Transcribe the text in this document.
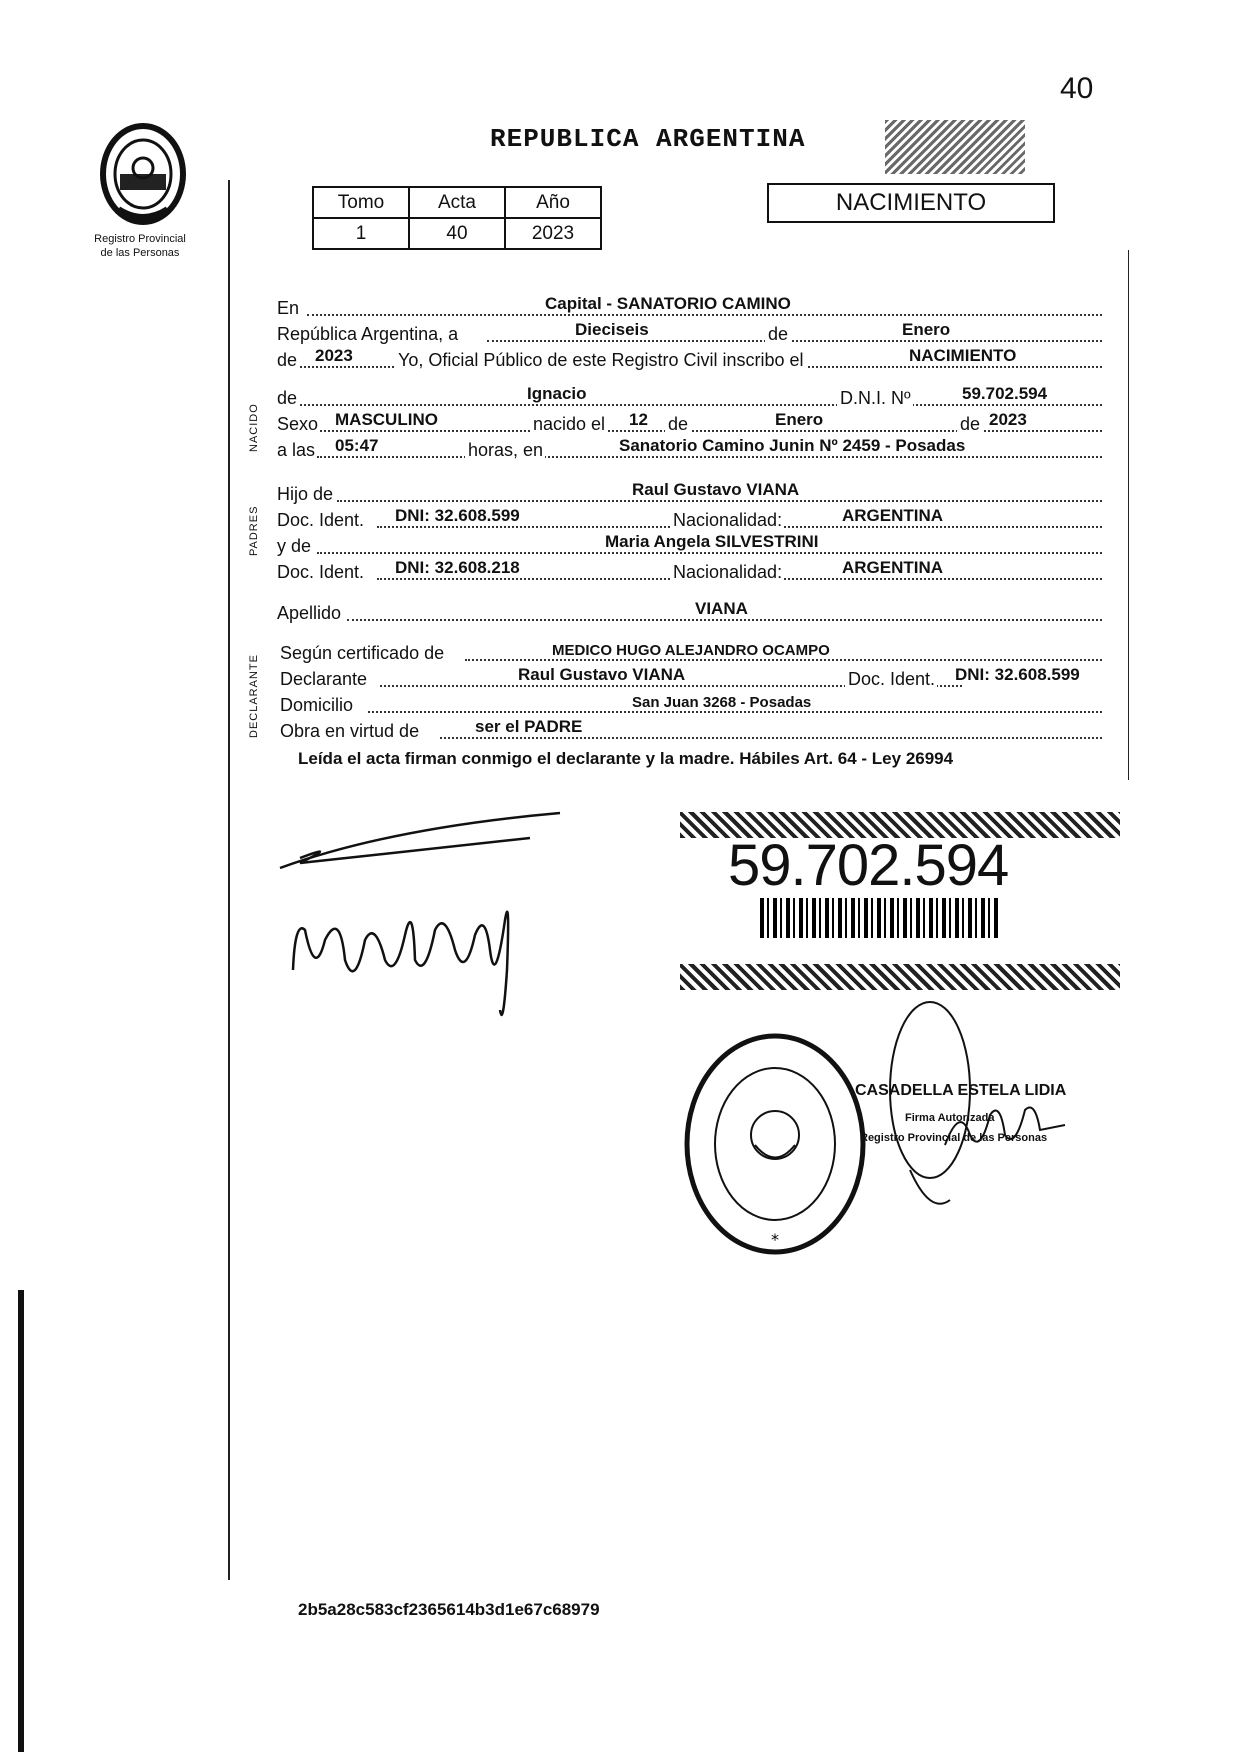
40
REPUBLICA ARGENTINA
Registro Provincial
de las Personas
Tomo	Acta	Año
1	40	2023
NACIMIENTO
NACIDO
PADRES
DECLARANTE
En	Capital - SANATORIO CAMINO
República Argentina, a	Dieciseis	de	Enero
de 2023	Yo, Oficial Público de este Registro Civil inscribo el	NACIMIENTO
de	Ignacio	D.N.I. Nº	59.702.594
Sexo MASCULINO	nacido el 12 de	Enero	de 2023
a las 05:47	horas, en	Sanatorio Camino Junin Nº 2459 - Posadas
Hijo de	Raul Gustavo VIANA
Doc. Ident. DNI: 32.608.599	Nacionalidad:	ARGENTINA
y de	Maria Angela SILVESTRINI
Doc. Ident. DNI: 32.608.218	Nacionalidad:	ARGENTINA
Apellido	VIANA
Según certificado de	MEDICO HUGO ALEJANDRO OCAMPO
Declarante	Raul Gustavo VIANA	Doc. Ident. DNI: 32.608.599
Domicilio	San Juan 3268 - Posadas
Obra en virtud de	ser el PADRE
Leída el acta firman conmigo el declarante y la madre. Hábiles Art. 64 - Ley 26994
59.702.594
*
CASADELLA ESTELA LIDIA
Firma Autorizada
Registro Provincial de las Personas
2b5a28c583cf2365614b3d1e67c68979
